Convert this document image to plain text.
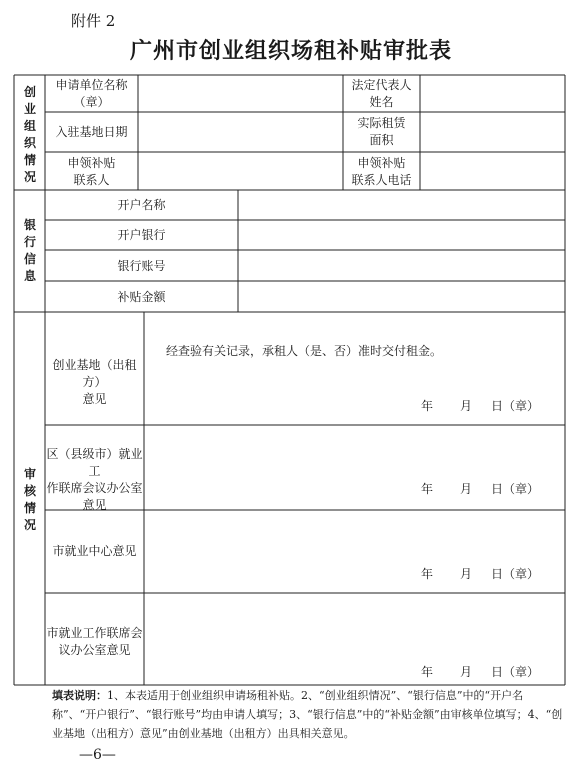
附件 2
广州市创业组织场租补贴审批表
创业组织情况
银行信息
审核情况
申请单位名称
（章）
法定代表人
姓名
入驻基地日期
实际租赁
面积
申领补贴
联系人
申领补贴
联系人电话
开户名称
开户银行
银行账号
补贴金额
创业基地（出租方）
意见
经查验有关记录，承租人（是、否）准时交付租金。
区（县级市）就业工
作联席会议办公室
意见
市就业中心意见
市就业工作联席会
议办公室意见
年 月 日（章）
年 月 日（章）
年 月 日（章）
年 月 日（章）
填表说明：1、本表适用于创业组织申请场租补贴。2、“创业组织情况”、“银行信息”中的“开户名称”、“开户银行”、“银行账号”均由申请人填写；3、“银行信息”中的“补贴金额”由审核单位填写；4、“创业基地（出租方）意见”由创业基地（出租方）出具相关意见。
—6—
